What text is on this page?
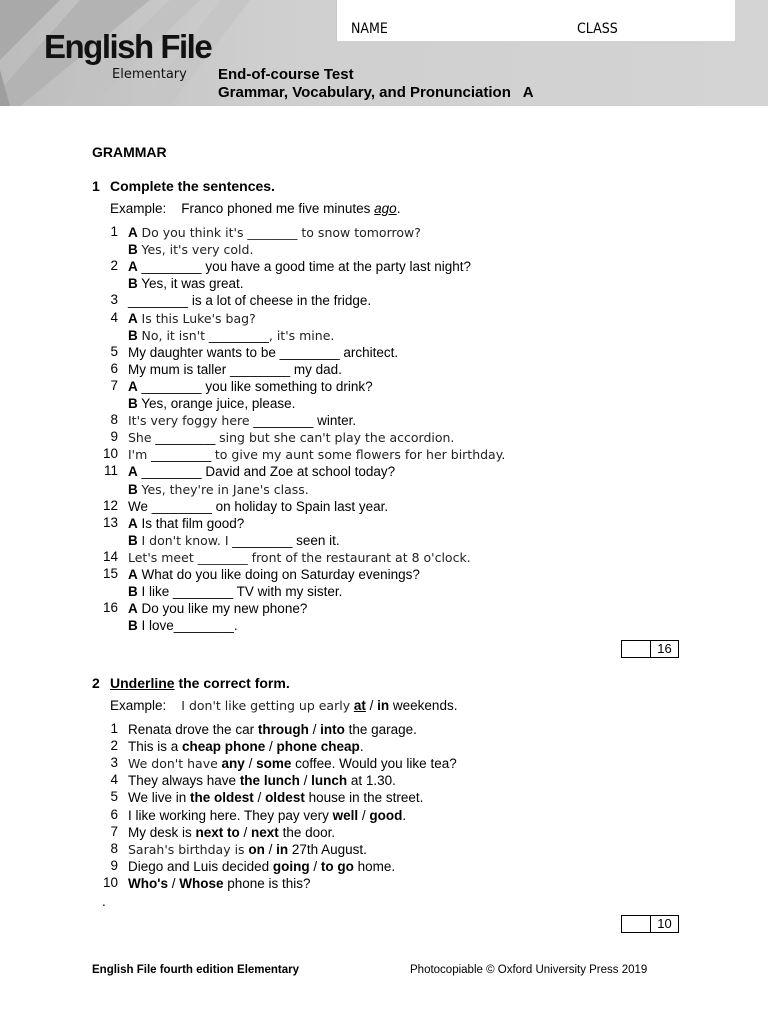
NAME	CLASS
English File
Elementary End-of-course Test
Grammar, Vocabulary, and Pronunciation   A
GRAMMAR
1 Complete the sentences.
Example: Franco phoned me five minutes ago.
1 A Do you think it's ________ to snow tomorrow?
B Yes, it's very cold.
2 A ________ you have a good time at the party last night?
B Yes, it was great.
3 ________ is a lot of cheese in the fridge.
4 A Is this Luke's bag?
B No, it isn't ________, it's mine.
5 My daughter wants to be ________ architect.
6 My mum is taller ________ my dad.
7 A ________ you like something to drink?
B Yes, orange juice, please.
8 It's very foggy here ________ winter.
9 She ________ sing but she can't play the accordion.
10 I'm ________ to give my aunt some flowers for her birthday.
11 A ________ David and Zoe at school today?
B Yes, they're in Jane's class.
12 We ________ on holiday to Spain last year.
13 A Is that film good?
B I don't know. I ________ seen it.
14 Let's meet ________ front of the restaurant at 8 o'clock.
15 A What do you like doing on Saturday evenings?
B I like ________ TV with my sister.
16 A Do you like my new phone?
B I love________.
16
2 Underline the correct form.
Example: I don't like getting up early at / in weekends.
1 Renata drove the car through / into the garage.
2 This is a cheap phone / phone cheap.
3 We don't have any / some coffee. Would you like tea?
4 They always have the lunch / lunch at 1.30.
5 We live in the oldest / oldest house in the street.
6 I like working here. They pay very well / good.
7 My desk is next to / next the door.
8 Sarah's birthday is on / in 27th August.
9 Diego and Luis decided going / to go home.
10 Who's / Whose phone is this?
.
10
English File fourth edition Elementary	Photocopiable © Oxford University Press 2019
